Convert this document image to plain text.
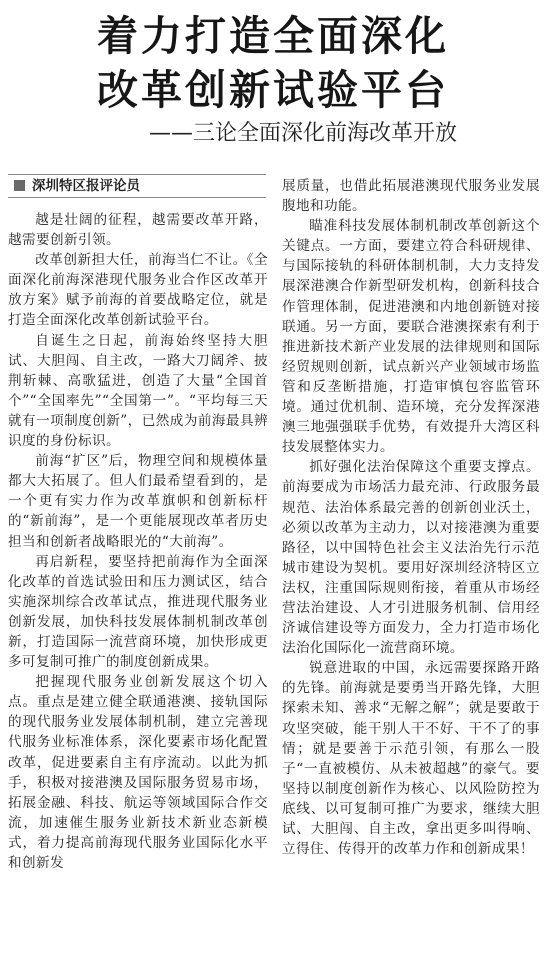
着力打造全面深化
改革创新试验平台
——三论全面深化前海改革开放
深圳特区报评论员

越是壮阔的征程，越需要改革开路，越需要创新引领。

改革创新担大任，前海当仁不让。《全面深化前海深港现代服务业合作区改革开放方案》赋予前海的首要战略定位，就是打造全面深化改革创新试验平台。

自诞生之日起，前海始终坚持大胆试、大胆闯、自主改，一路大刀阔斧、披荆斩棘、高歌猛进，创造了大量“全国首个”“全国率先”“全国第一”。“平均每三天就有一项制度创新”，已然成为前海最具辨识度的身份标识。

前海“扩区”后，物理空间和规模体量都大大拓展了。但人们最希望看到的，是一个更有实力作为改革旗帜和创新标杆的“新前海”，是一个更能展现改革者历史担当和创新者战略眼光的“大前海”。

再启新程，要坚持把前海作为全面深化改革的首选试验田和压力测试区，结合实施深圳综合改革试点，推进现代服务业创新发展，加快科技发展体制机制改革创新，打造国际一流营商环境，加快形成更多可复制可推广的制度创新成果。

把握现代服务业创新发展这个切入点。重点是建立健全联通港澳、接轨国际的现代服务业发展体制机制，建立完善现代服务业标准体系，深化要素市场化配置改革，促进要素自主有序流动。以此为抓手，积极对接港澳及国际服务贸易市场，拓展金融、科技、航运等领域国际合作交流，加速催生服务业新技术新业态新模式，着力提高前海现代服务业国际化水平和创新发

展质量，也借此拓展港澳现代服务业发展腹地和功能。

瞄准科技发展体制机制改革创新这个关键点。一方面，要建立符合科研规律、与国际接轨的科研体制机制，大力支持发展深港澳合作新型研发机构，创新科技合作管理体制，促进港澳和内地创新链对接联通。另一方面，要联合港澳探索有利于推进新技术新产业发展的法律规则和国际经贸规则创新，试点新兴产业领域市场监管和反垄断措施，打造审慎包容监管环境。通过优机制、造环境，充分发挥深港澳三地强强联手优势，有效提升大湾区科技发展整体实力。

抓好强化法治保障这个重要支撑点。前海要成为市场活力最充沛、行政服务最规范、法治体系最完善的创新创业沃土，必须以改革为主动力，以对接港澳为重要路径，以中国特色社会主义法治先行示范城市建设为契机。要用好深圳经济特区立法权，注重国际规则衔接，着重从市场经营法治建设、人才引进服务机制、信用经济诚信建设等方面发力，全力打造市场化法治化国际化一流营商环境。

锐意进取的中国，永远需要探路开路的先锋。前海就是要勇当开路先锋，大胆探索未知、善求“无解之解”；就是要敢于攻坚突破，能干别人干不好、干不了的事情；就是要善于示范引领，有那么一股子“一直被模仿、从未被超越”的豪气。要坚持以制度创新作为核心、以风险防控为底线、以可复制可推广为要求，继续大胆试、大胆闯、自主改，拿出更多叫得响、立得住、传得开的改革力作和创新成果！
